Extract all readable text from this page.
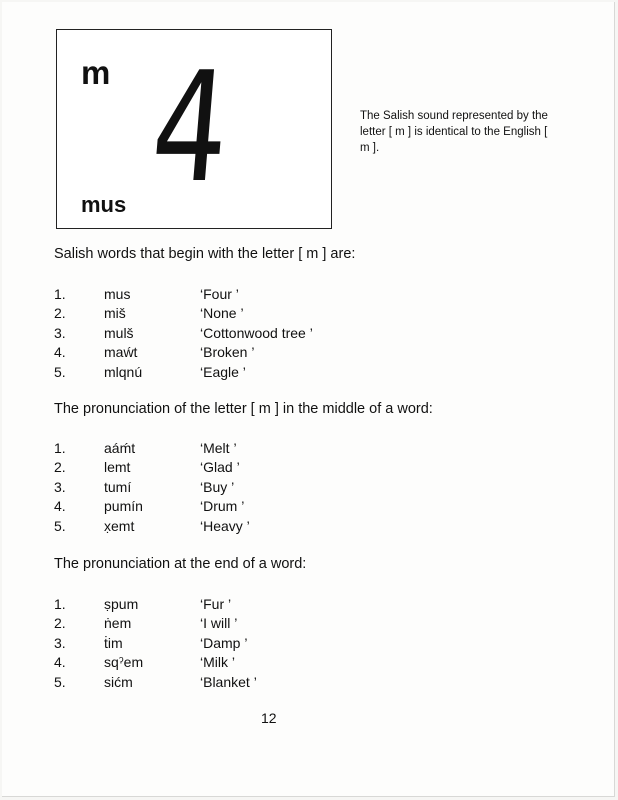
m 4
mus
The Salish sound represented by the letter [ m ] is identical to the English [ m ].
Salish words that begin with the letter [ m ] are:
1.	mus	‘Four ’
2.	miš	‘None ’
3.	mulš	‘Cottonwood tree ’
4.	maẃt	‘Broken ’
5.	mlqnú	‘Eagle ’
The pronunciation of the letter [ m ] in the middle of a word:
1.	aáḿt	‘Melt ’
2.	lemt	‘Glad ’
3.	tumí	‘Buy ’
4.	pumín	‘Drum ’
5.	x̣emt	‘Heavy ’
The pronunciation at the end of a word:
1.	ṣpum	‘Fur ’
2.	ṅem	‘I will ’
3.	ṫim	‘Damp ’
4.	sqˀem	‘Milk ’
5.	sićm	‘Blanket ’
12
